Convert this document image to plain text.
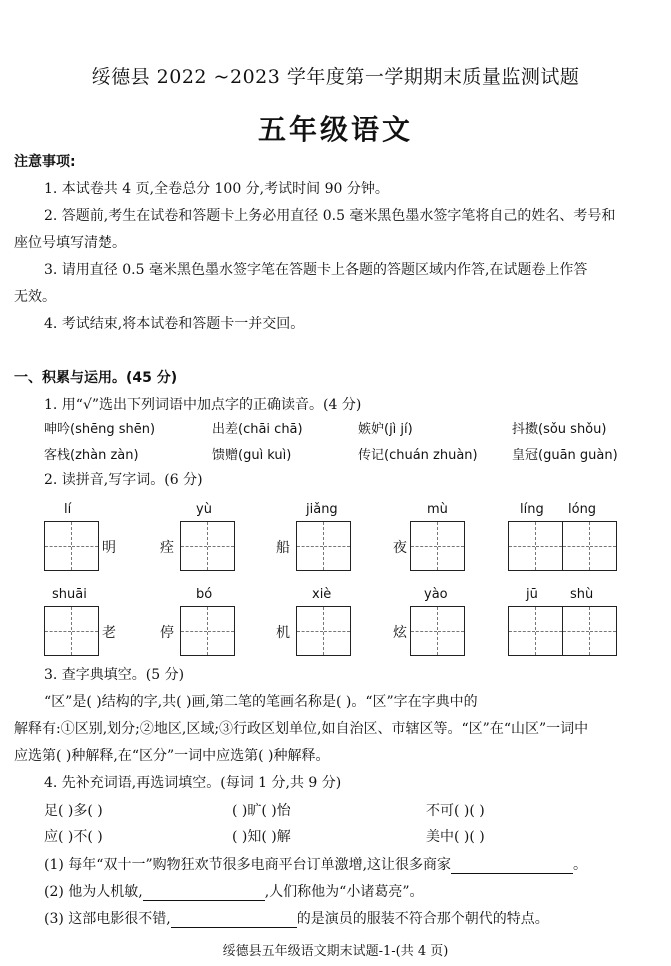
绥德县 2022 ~2023 学年度第一学期期末质量监测试题
五年级语文
注意事项:
1. 本试卷共 4 页,全卷总分 100 分,考试时间 90 分钟。
2. 答题前,考生在试卷和答题卡上务必用直径 0.5 毫米黑色墨水签字笔将自己的姓名、考号和
座位号填写清楚。
3. 请用直径 0.5 毫米黑色墨水签字笔在答题卡上各题的答题区域内作答,在试题卷上作答
无效。
4. 考试结束,将本试卷和答题卡一并交回。
一、积累与运用。(45 分)
1. 用“√”选出下列词语中加点字的正确读音。(4 分)
呻吟(shēng shēn)	出差(chāi chā)	嫉妒(jì jí)	抖擞(sǒu shǒu)
客栈(zhàn zàn)	馈赠(guì kuì)	传记(chuán zhuàn)	皇冠(guān guàn)
2. 读拼音,写字词。(6 分)
lí	yù	jiǎng	mù	líng lóng
明	痊	船	夜
shuāi	bó	xiè	yào	jū shù
老	停	机	炫
3. 查字典填空。(5 分)
“区”是( )结构的字,共( )画,第二笔的笔画名称是( )。“区”字在字典中的
解释有:①区别,划分;②地区,区域;③行政区划单位,如自治区、市辖区等。“区”在“山区”一词中
应选第( )种解释,在“区分”一词中应选第( )种解释。
4. 先补充词语,再选词填空。(每词 1 分,共 9 分)
足( )多( )	( )旷( )怡	不可( )( )
应( )不( )	( )知( )解	美中( )( )
(1) 每年“双十一”购物狂欢节很多电商平台订单激增,这让很多商家	。
(2) 他为人机敏,	,人们称他为“小诸葛亮”。
(3) 这部电影很不错,	的是演员的服装不符合那个朝代的特点。
绥德县五年级语文期末试题-1-(共 4 页)
